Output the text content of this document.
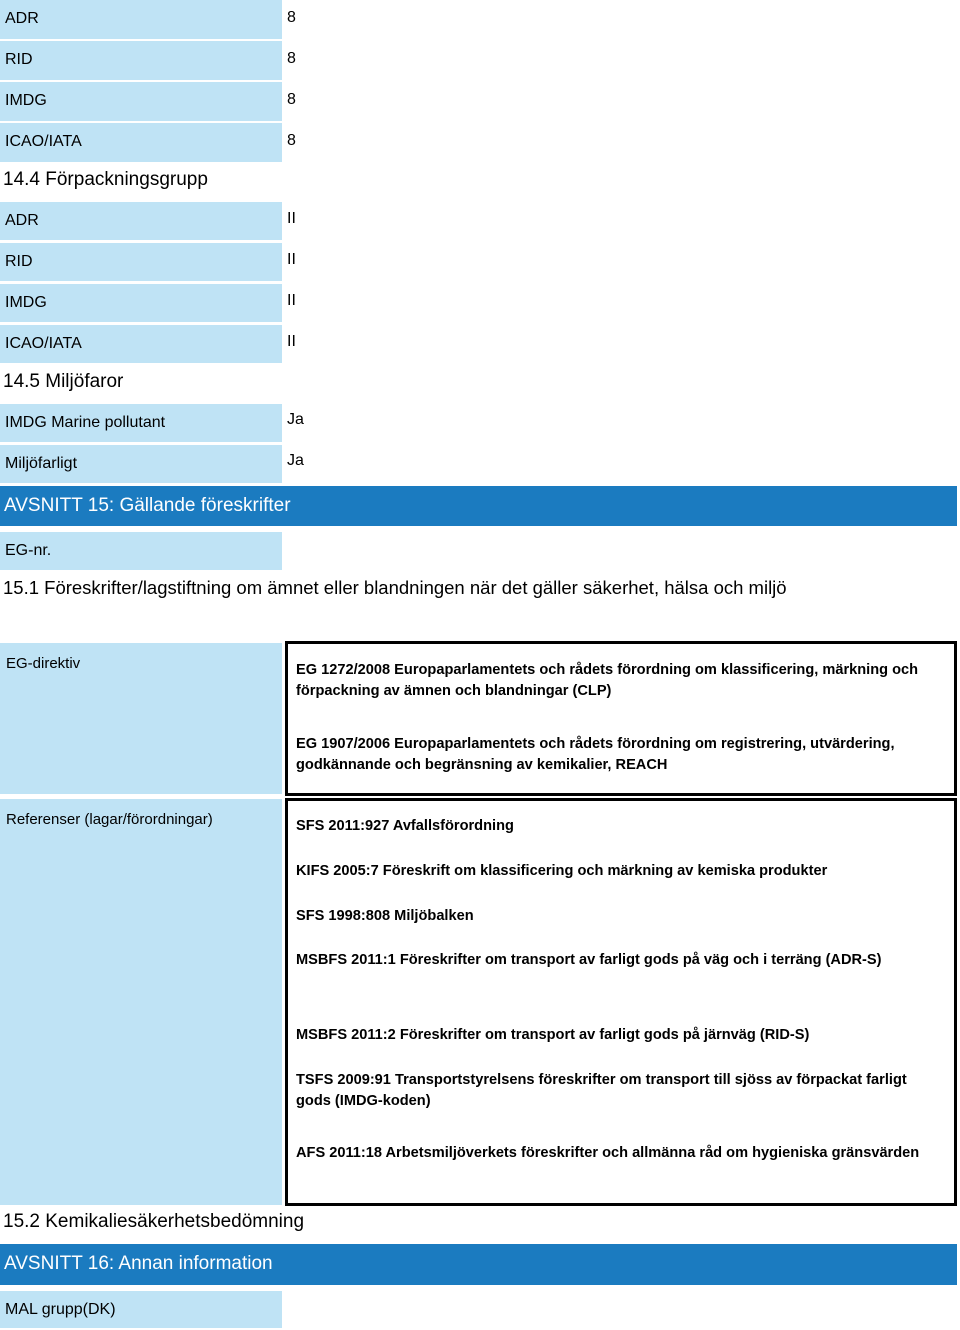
ADR	8
RID	8
IMDG	8
ICAO/IATA	8
14.4 Förpackningsgrupp
ADR	II
RID	II
IMDG	II
ICAO/IATA	II
14.5 Miljöfaror
IMDG Marine pollutant	Ja
Miljöfarligt	Ja
AVSNITT 15: Gällande föreskrifter
EG-nr.
15.1 Föreskrifter/lagstiftning om ämnet eller blandningen när det gäller säkerhet, hälsa och miljö
EG-direktiv	EG 1272/2008 Europaparlamentets och rådets förordning om klassificering, märkning och förpackning av ämnen och blandningar (CLP)
EG 1907/2006 Europaparlamentets och rådets förordning om registrering, utvärdering, godkännande och begränsning av kemikalier, REACH
Referenser (lagar/förordningar)	SFS 2011:927 Avfallsförordning
KIFS 2005:7 Föreskrift om klassificering och märkning av kemiska produkter
SFS 1998:808 Miljöbalken
MSBFS 2011:1 Föreskrifter om transport av farligt gods på väg och i terräng (ADR-S)
MSBFS 2011:2 Föreskrifter om transport av farligt gods på järnväg (RID-S)
TSFS 2009:91 Transportstyrelsens föreskrifter om transport till sjöss av förpackat farligt gods (IMDG-koden)
AFS 2011:18 Arbetsmiljöverkets föreskrifter och allmänna råd om hygieniska gränsvärden
15.2 Kemikaliesäkerhetsbedömning
AVSNITT 16: Annan information
MAL grupp(DK)
